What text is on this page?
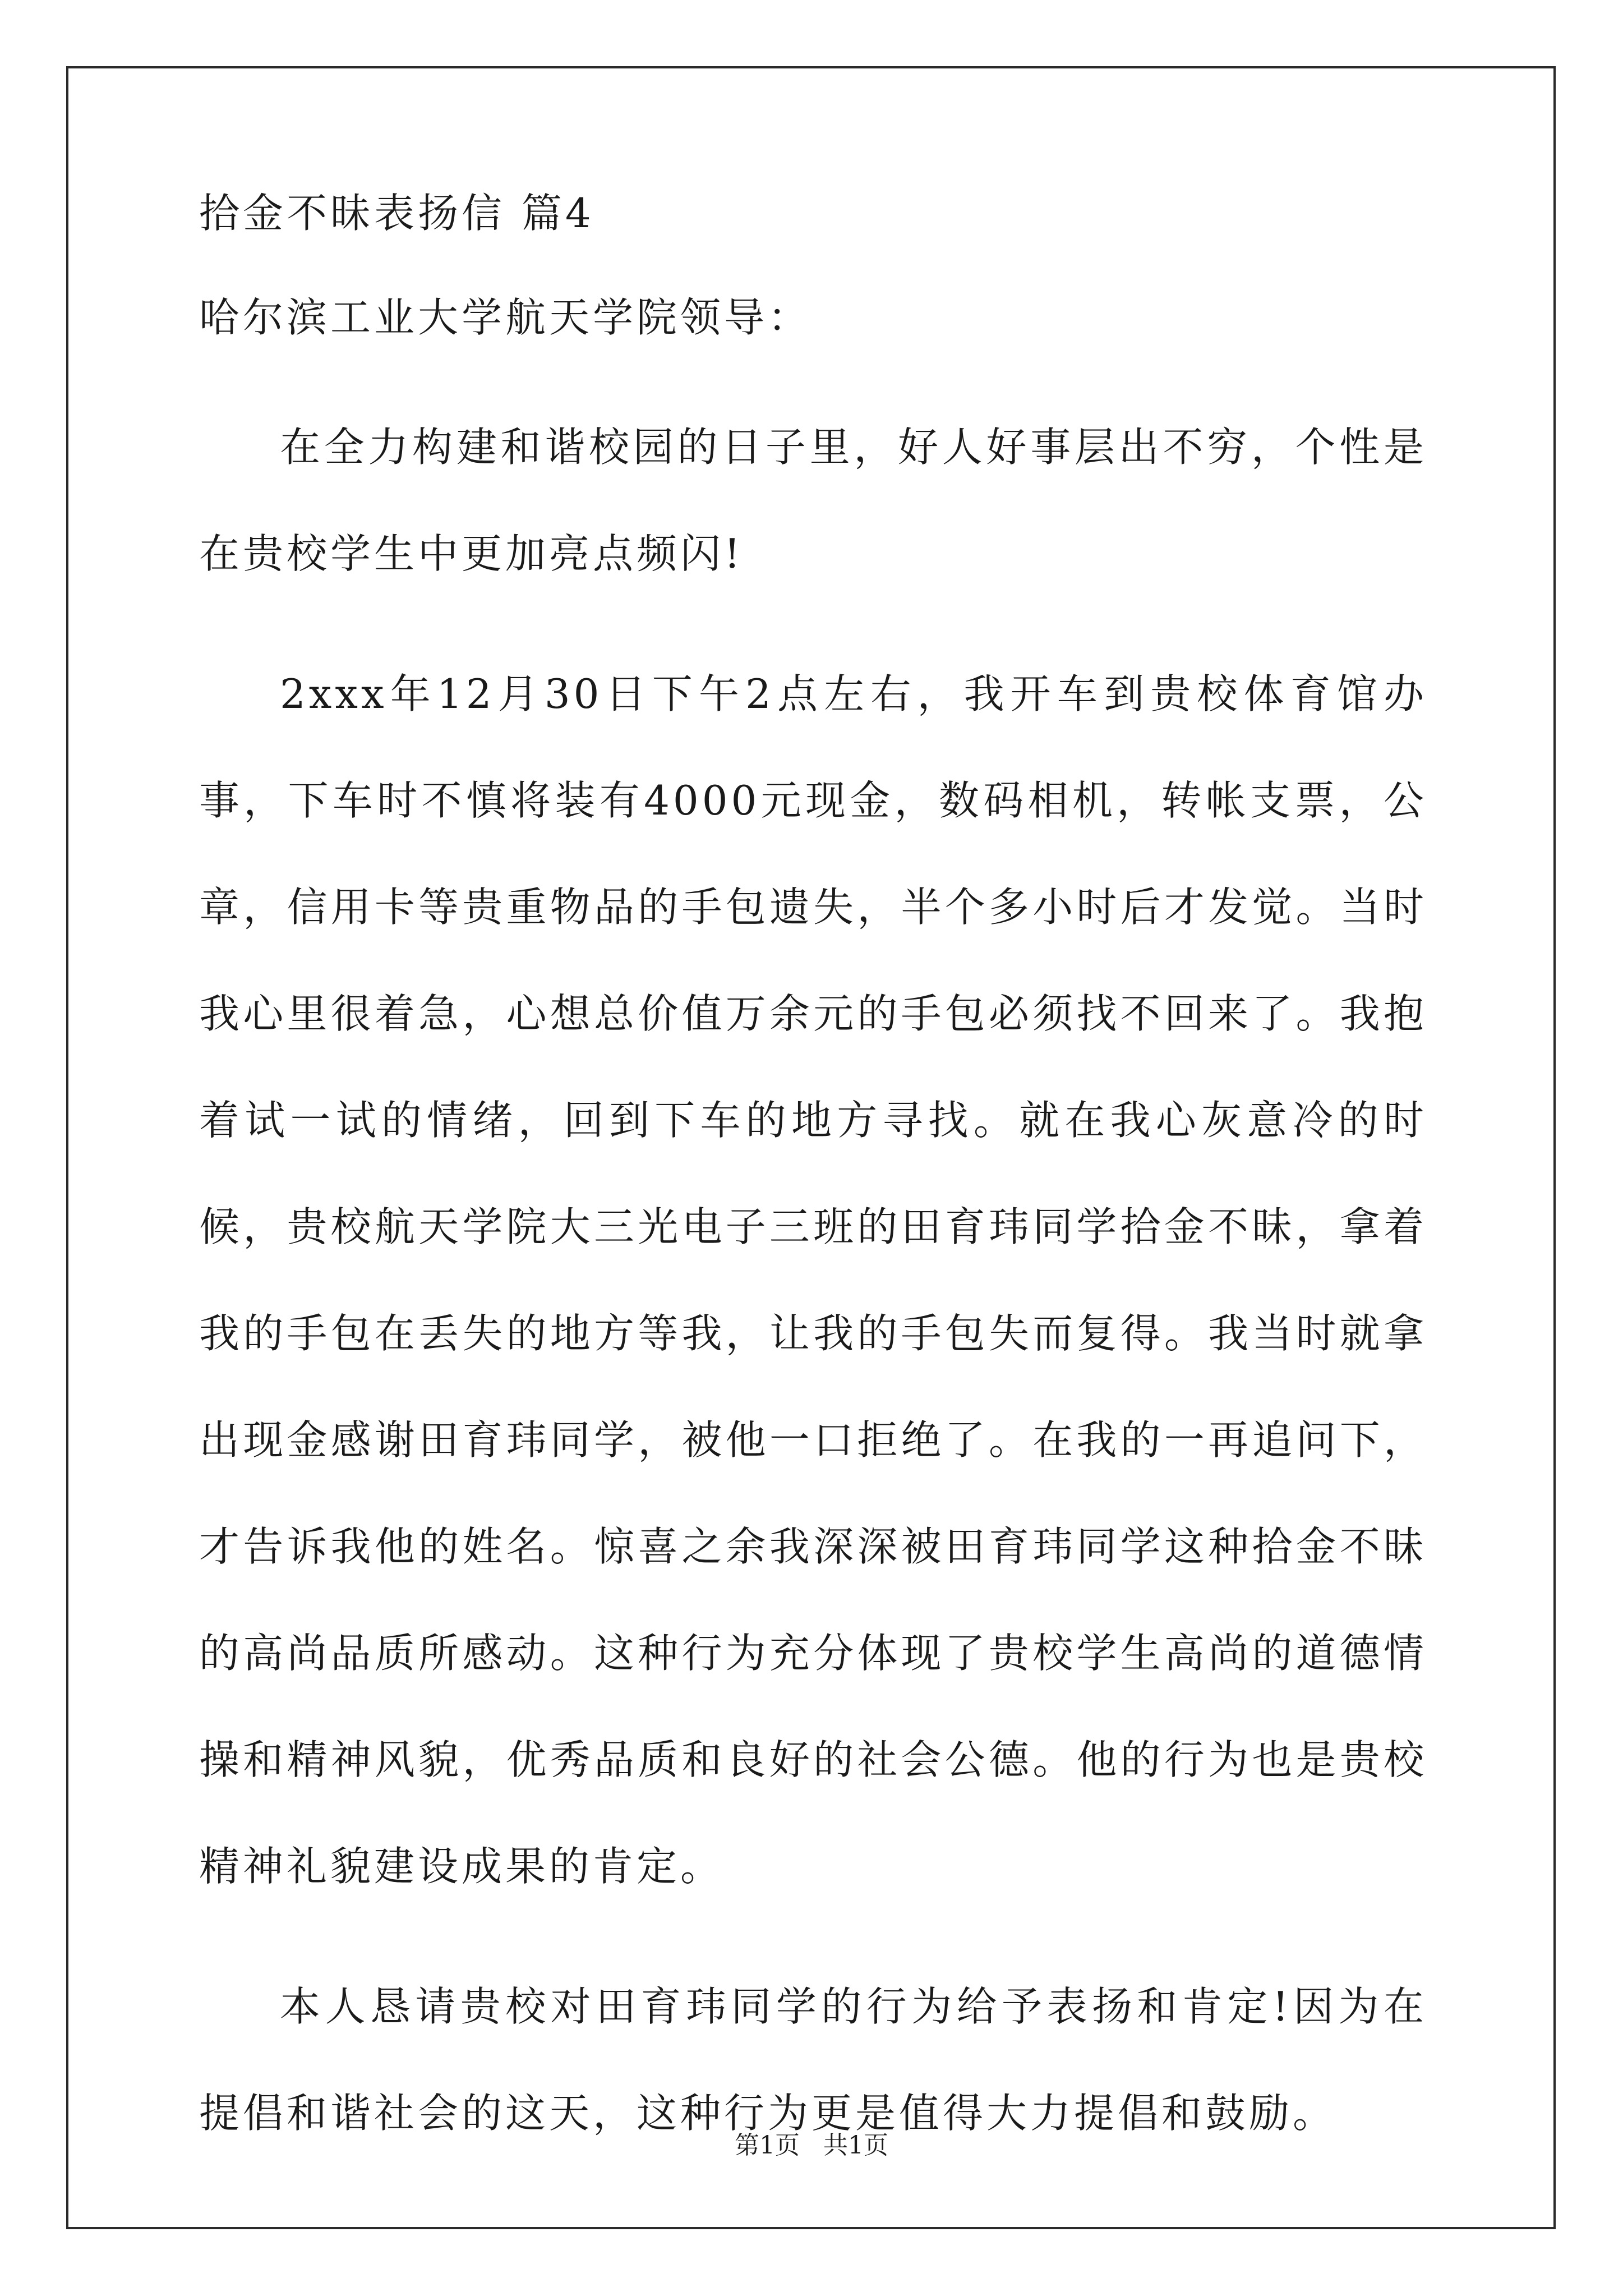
拾金不昧表扬信 篇4

哈尔滨工业大学航天学院领导：

在全力构建和谐校园的日子里，好人好事层出不穷，个性是在贵校学生中更加亮点频闪!

2xxx年12月30日下午2点左右，我开车到贵校体育馆办事，下车时不慎将装有4000元现金，数码相机，转帐支票，公章，信用卡等贵重物品的手包遗失，半个多小时后才发觉。当时我心里很着急，心想总价值万余元的手包必须找不回来了。我抱着试一试的情绪，回到下车的地方寻找。就在我心灰意冷的时候，贵校航天学院大三光电子三班的田育玮同学拾金不昧，拿着我的手包在丢失的地方等我，让我的手包失而复得。我当时就拿出现金感谢田育玮同学，被他一口拒绝了。在我的一再追问下，才告诉我他的姓名。惊喜之余我深深被田育玮同学这种拾金不昧的高尚品质所感动。这种行为充分体现了贵校学生高尚的道德情操和精神风貌，优秀品质和良好的社会公德。他的行为也是贵校精神礼貌建设成果的肯定。

本人恳请贵校对田育玮同学的行为给予表扬和肯定!因为在提倡和谐社会的这天，这种行为更是值得大力提倡和鼓励。

第1页   共1页
